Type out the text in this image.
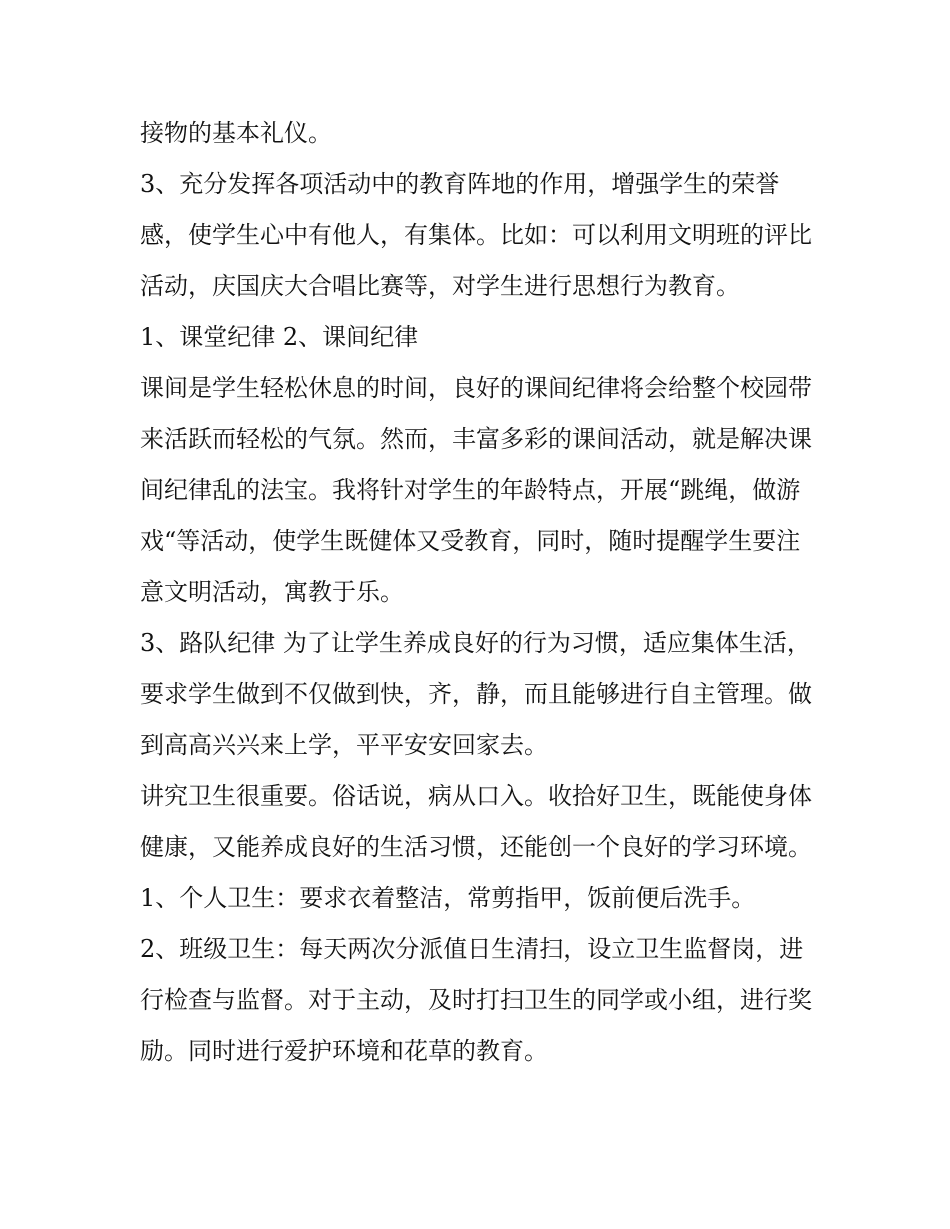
接物的基本礼仪。

3、充分发挥各项活动中的教育阵地的作用，增强学生的荣誉感，使学生心中有他人，有集体。比如：可以利用文明班的评比活动，庆国庆大合唱比赛等，对学生进行思想行为教育。

1、课堂纪律 2、课间纪律

课间是学生轻松休息的时间，良好的课间纪律将会给整个校园带来活跃而轻松的气氛。然而，丰富多彩的课间活动，就是解决课间纪律乱的法宝。我将针对学生的年龄特点，开展“跳绳，做游戏“等活动，使学生既健体又受教育，同时，随时提醒学生要注意文明活动，寓教于乐。

3、路队纪律 为了让学生养成良好的行为习惯，适应集体生活，要求学生做到不仅做到快，齐，静，而且能够进行自主管理。做到高高兴兴来上学，平平安安回家去。

讲究卫生很重要。俗话说，病从口入。收拾好卫生，既能使身体健康，又能养成良好的生活习惯，还能创一个良好的学习环境。

1、个人卫生：要求衣着整洁，常剪指甲，饭前便后洗手。

2、班级卫生：每天两次分派值日生清扫，设立卫生监督岗，进行检查与监督。对于主动，及时打扫卫生的同学或小组，进行奖励。同时进行爱护环境和花草的教育。
